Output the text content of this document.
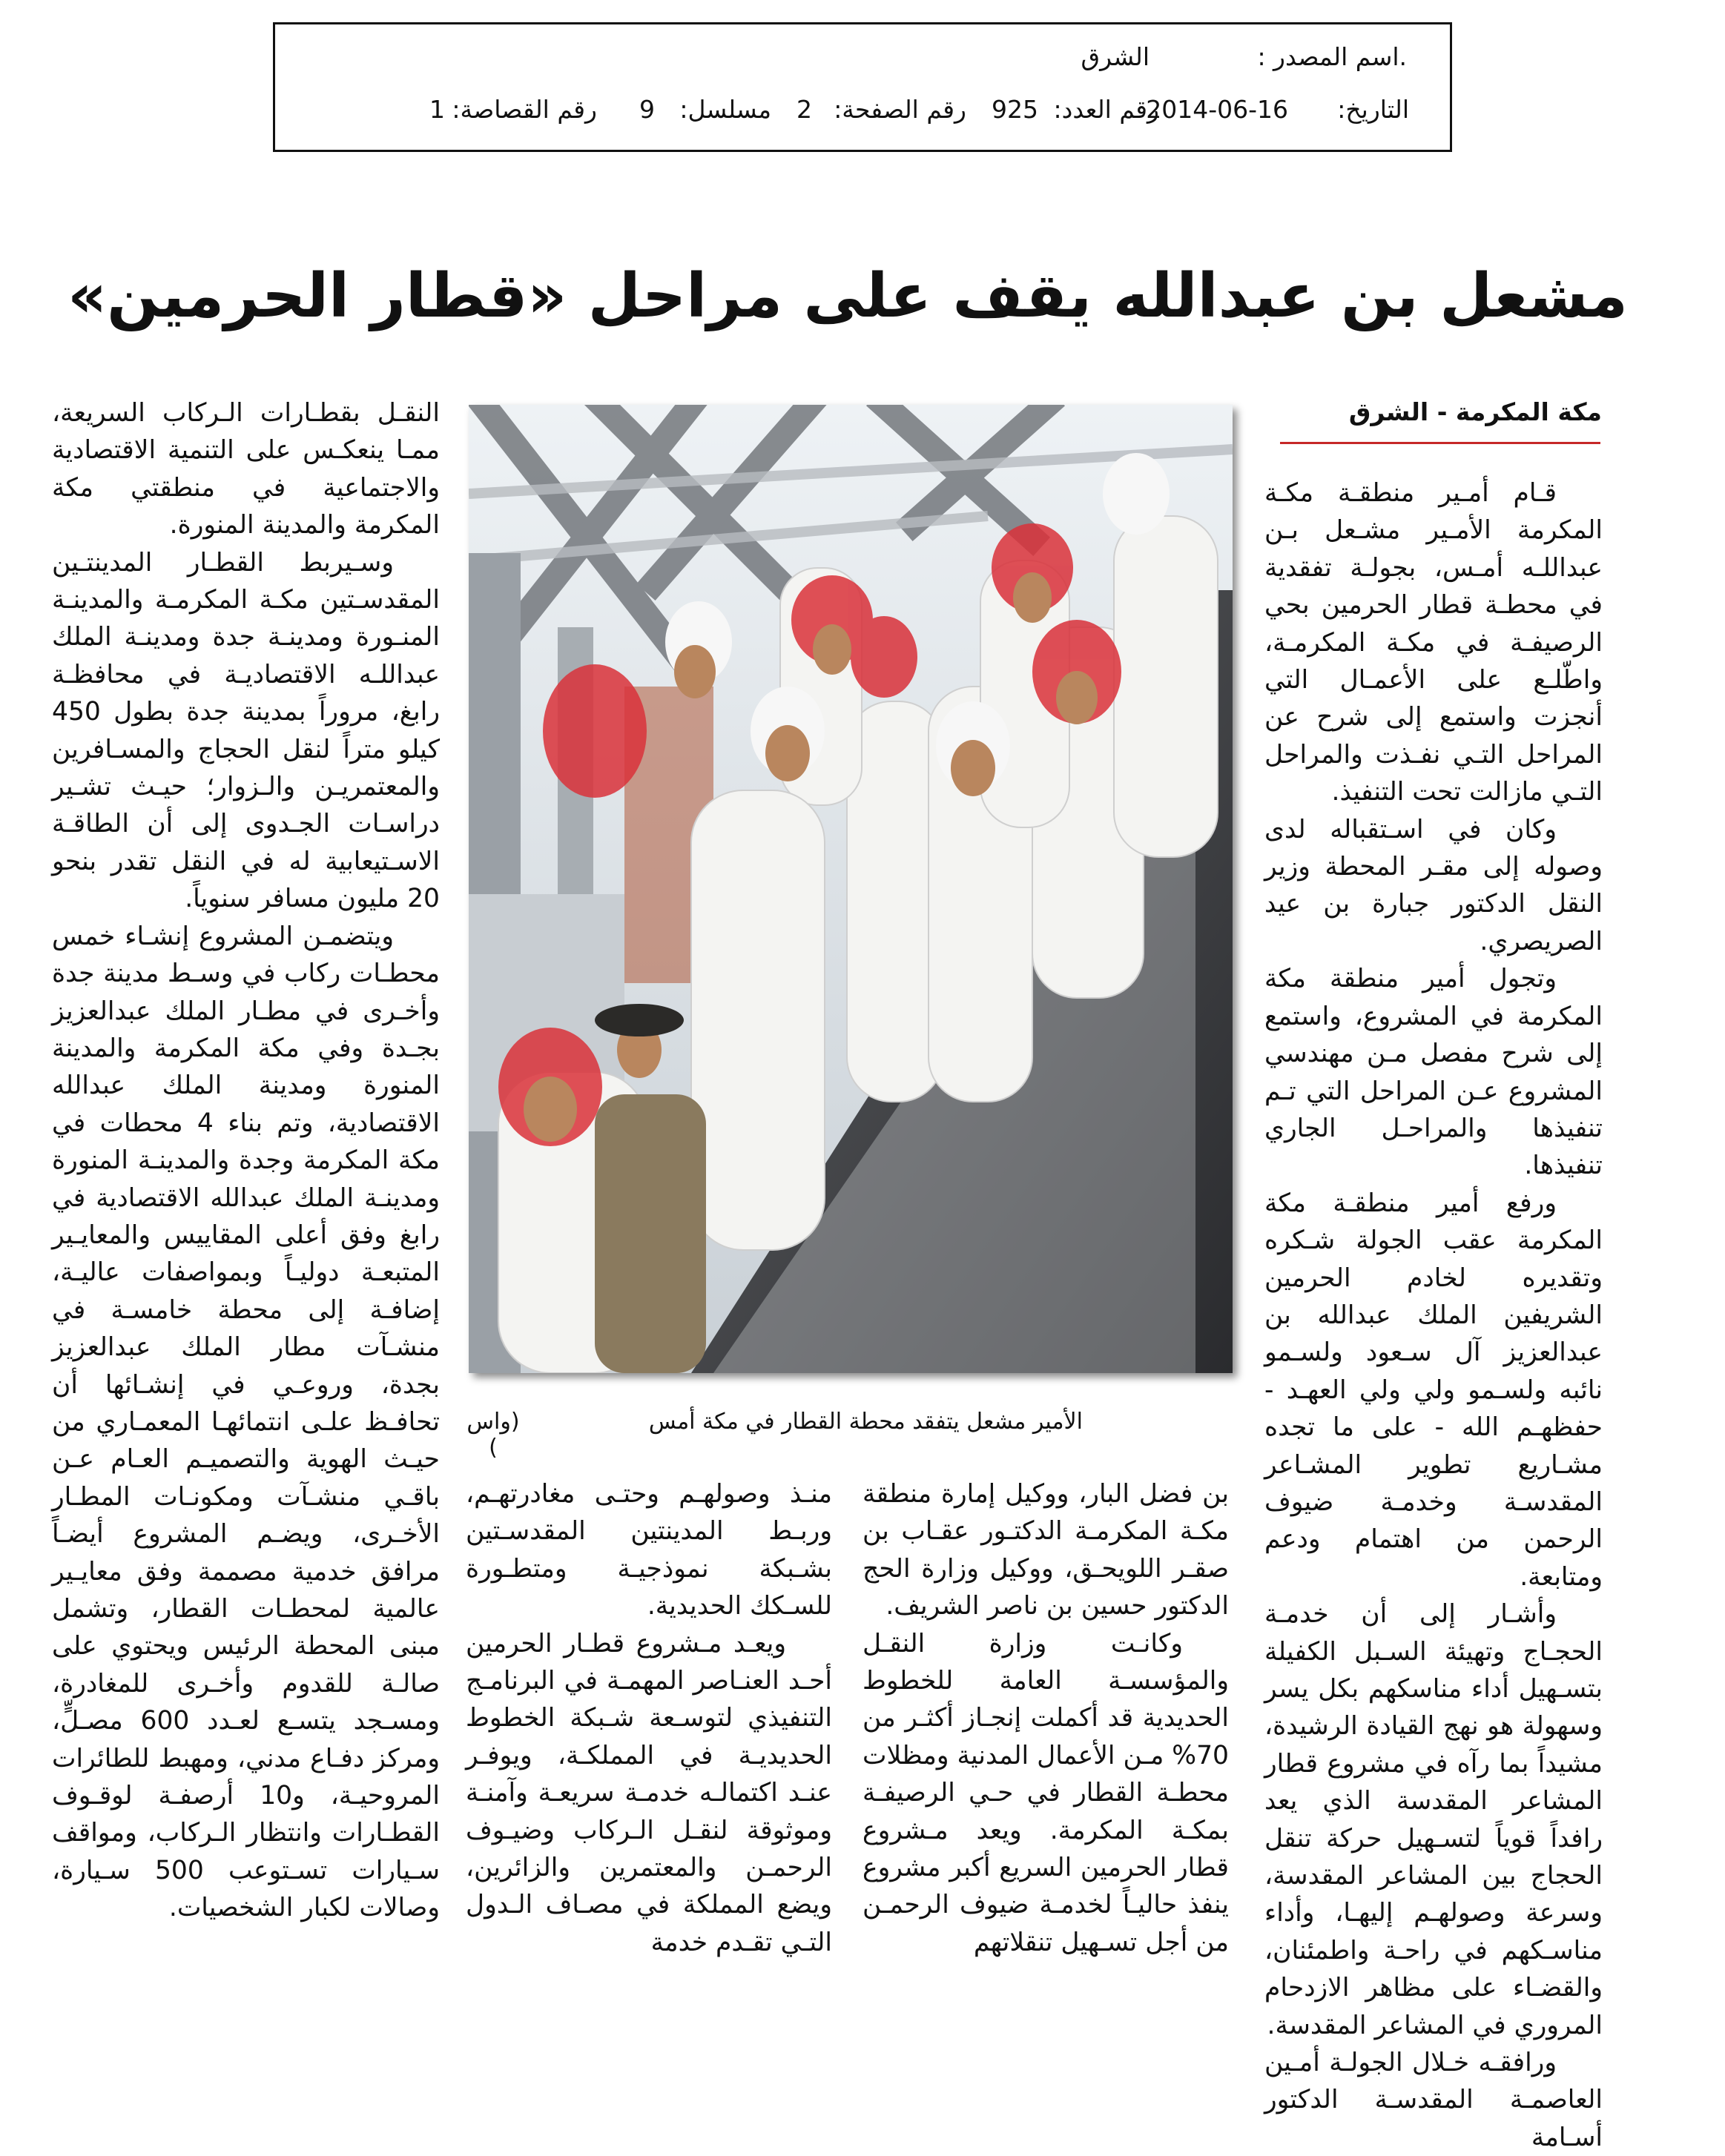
.اسم المصدر :
الشرق
التاريخ:
2014-06-16
رقم العدد:
925
رقم الصفحة:
2
مسلسل:
9
رقم القصاصة:
1
مشعل بن عبدالله يقف على مراحل «قطار الحرمين»
مكة المكرمة - الشرق

قـام أمـير منطقـة مكـة المكرمة الأمـير مشـعل بـن عبداللـه أمـس، بجولـة تفقدية في محطـة قطار الحرمين بحي الرصيفـة في مكـة المكرمـة، واطّلـع على الأعمـال التي أنجزت واستمع إلى شرح عن المراحل التـي نفـذت والمراحل التـي مازالت تحت التنفيذ.

وكان في اسـتقباله لدى وصوله إلى مقـر المحطة وزير النقل الدكتور جبارة بن عيد الصريصري.

وتجول أمير منطقة مكة المكرمة في المشروع، واستمع إلى شرح مفصل مـن مهندسي المشروع عـن المراحل التي تـم تنفيذها والمراحـل الجاري تنفيذها.

ورفع أمير منطقـة مكة المكرمة عقب الجولة شـكره وتقديره لخادم الحرمين الشريفين الملك عبدالله بن عبدالعزيز آل سـعود ولسـمو نائبه ولسـمو ولي ولي العهـد - حفظهـم الله - على ما تجده مشـاريع تطوير المشـاعر المقدسـة وخدمـة ضيوف الرحمن من اهتمام ودعم ومتابعة.

وأشـار إلى أن خدمـة الحجـاج وتهيئة السـبل الكفيلة بتسـهيل أداء مناسكهم بكل يسر وسهولة هو نهج القيادة الرشيدة، مشيداً بما رآه في مشروع قطار المشاعر المقدسة الذي يعد رافداً قوياً لتسـهيل حركة تنقل الحجاج بين المشاعر المقدسة، وسرعة وصولهـم إليهـا، وأداء مناسـكهم في راحـة واطمئنان، والقضـاء على مظاهر الازدحام المروري في المشاعر المقدسة.

ورافقـه خـلال الجولـة أمـين العاصمـة المقدسـة الدكتور أسـامة

الأمير مشعل يتفقد محطة القطار في مكة أمس
(واس )

بن فضل البار، ووكيل إمارة منطقة مكـة المكرمـة الدكتـور عقـاب بن صقـر اللويحـق، ووكيل وزارة الحج الدكتور حسين بن ناصر الشريف.

وكانـت وزارة النقـل والمؤسسـة العامة للخطوط الحديدية قد أكملت إنجـاز أكثـر من 70% مـن الأعمال المدنية ومظلات محطـة القطار في حـي الرصيفـة بمكـة المكرمة. ويعد مـشروع قطار الحرمين السريع أكبر مشروع ينفذ حاليـاً لخدمـة ضيوف الرحمـن من أجل تسـهيل تنقلاتهم

منـذ وصولهـم وحتـى مغادرتهـم، وربـط المدينتين المقدسـتين بشـبكة نموذجيـة ومتطـورة للسـكك الحديدية.

ويعـد مـشروع قطـار الحرمين أحـد العنـاصر المهمـة في البرنامـج التنفيذي لتوسـعة شـبكة الخطوط الحديديـة في المملكـة، ويوفـر عنـد اكتمالـه خدمـة سريعـة وآمنـة وموثوقة لنقـل الـركاب وضيـوف الرحمـن والمعتمرين والزائرين، ويضع المملكة في مصـاف الـدول التـي تقـدم خدمة

النقـل بقطـارات الـركاب السريعة، ممـا ينعكـس على التنمية الاقتصادية والاجتماعية في منطقتي مكة المكرمة والمدينة المنورة.

وسـيربط القطـار المدينتـين المقدسـتين مكـة المكرمـة والمدينـة المنـورة ومدينـة جدة ومدينـة الملك عبداللـه الاقتصاديـة في محافظـة رابغ، مروراً بمدينة جدة بطول 450 كيلو متراً لنقل الحجاج والمسـافرين والمعتمريـن والـزوار؛ حيـث تشـير دراسـات الجـدوى إلى أن الطاقـة الاسـتيعابية له في النقل تقدر بنحو 20 مليون مسافر سنوياً.

ويتضمـن المشروع إنشـاء خمس محطـات ركاب في وسـط مدينة جدة وأخـرى في مطـار الملك عبدالعزيز بجـدة وفي مكة المكرمة والمدينة المنورة ومدينة الملك عبدالله الاقتصادية، وتم بناء 4 محطات في مكة المكرمة وجدة والمدينـة المنورة ومدينـة الملك عبدالله الاقتصادية في رابغ وفق أعلى المقاييس والمعايـير المتبعـة دوليـاً وبمواصفات عاليـة، إضافـة إلى محطة خامسـة في منشـآت مطار الملك عبدالعزيز بجدة، وروعـي في إنشـائها أن تحافـظ علـى انتمائهـا المعمـاري من حيـث الهوية والتصميـم العـام عـن باقـي منشـآت ومكونـات المطـار الأخـرى، ويضـم المشروع أيضـاً مرافق خدمية مصممة وفق معايـير عالمية لمحطـات القطار، وتشمل مبنى المحطة الرئيس ويحتوي على صالـة للقدوم وأخـرى للمغادرة، ومسـجد يتسـع لعـدد 600 مصـلٍّ، ومركز دفـاع مدني، ومهبط للطائرات المروحيـة، و10 أرصفـة لوقـوف القطـارات وانتظار الـركاب، ومواقف سـيارات تسـتوعب 500 سـيارة، وصالات لكبار الشخصيات.
